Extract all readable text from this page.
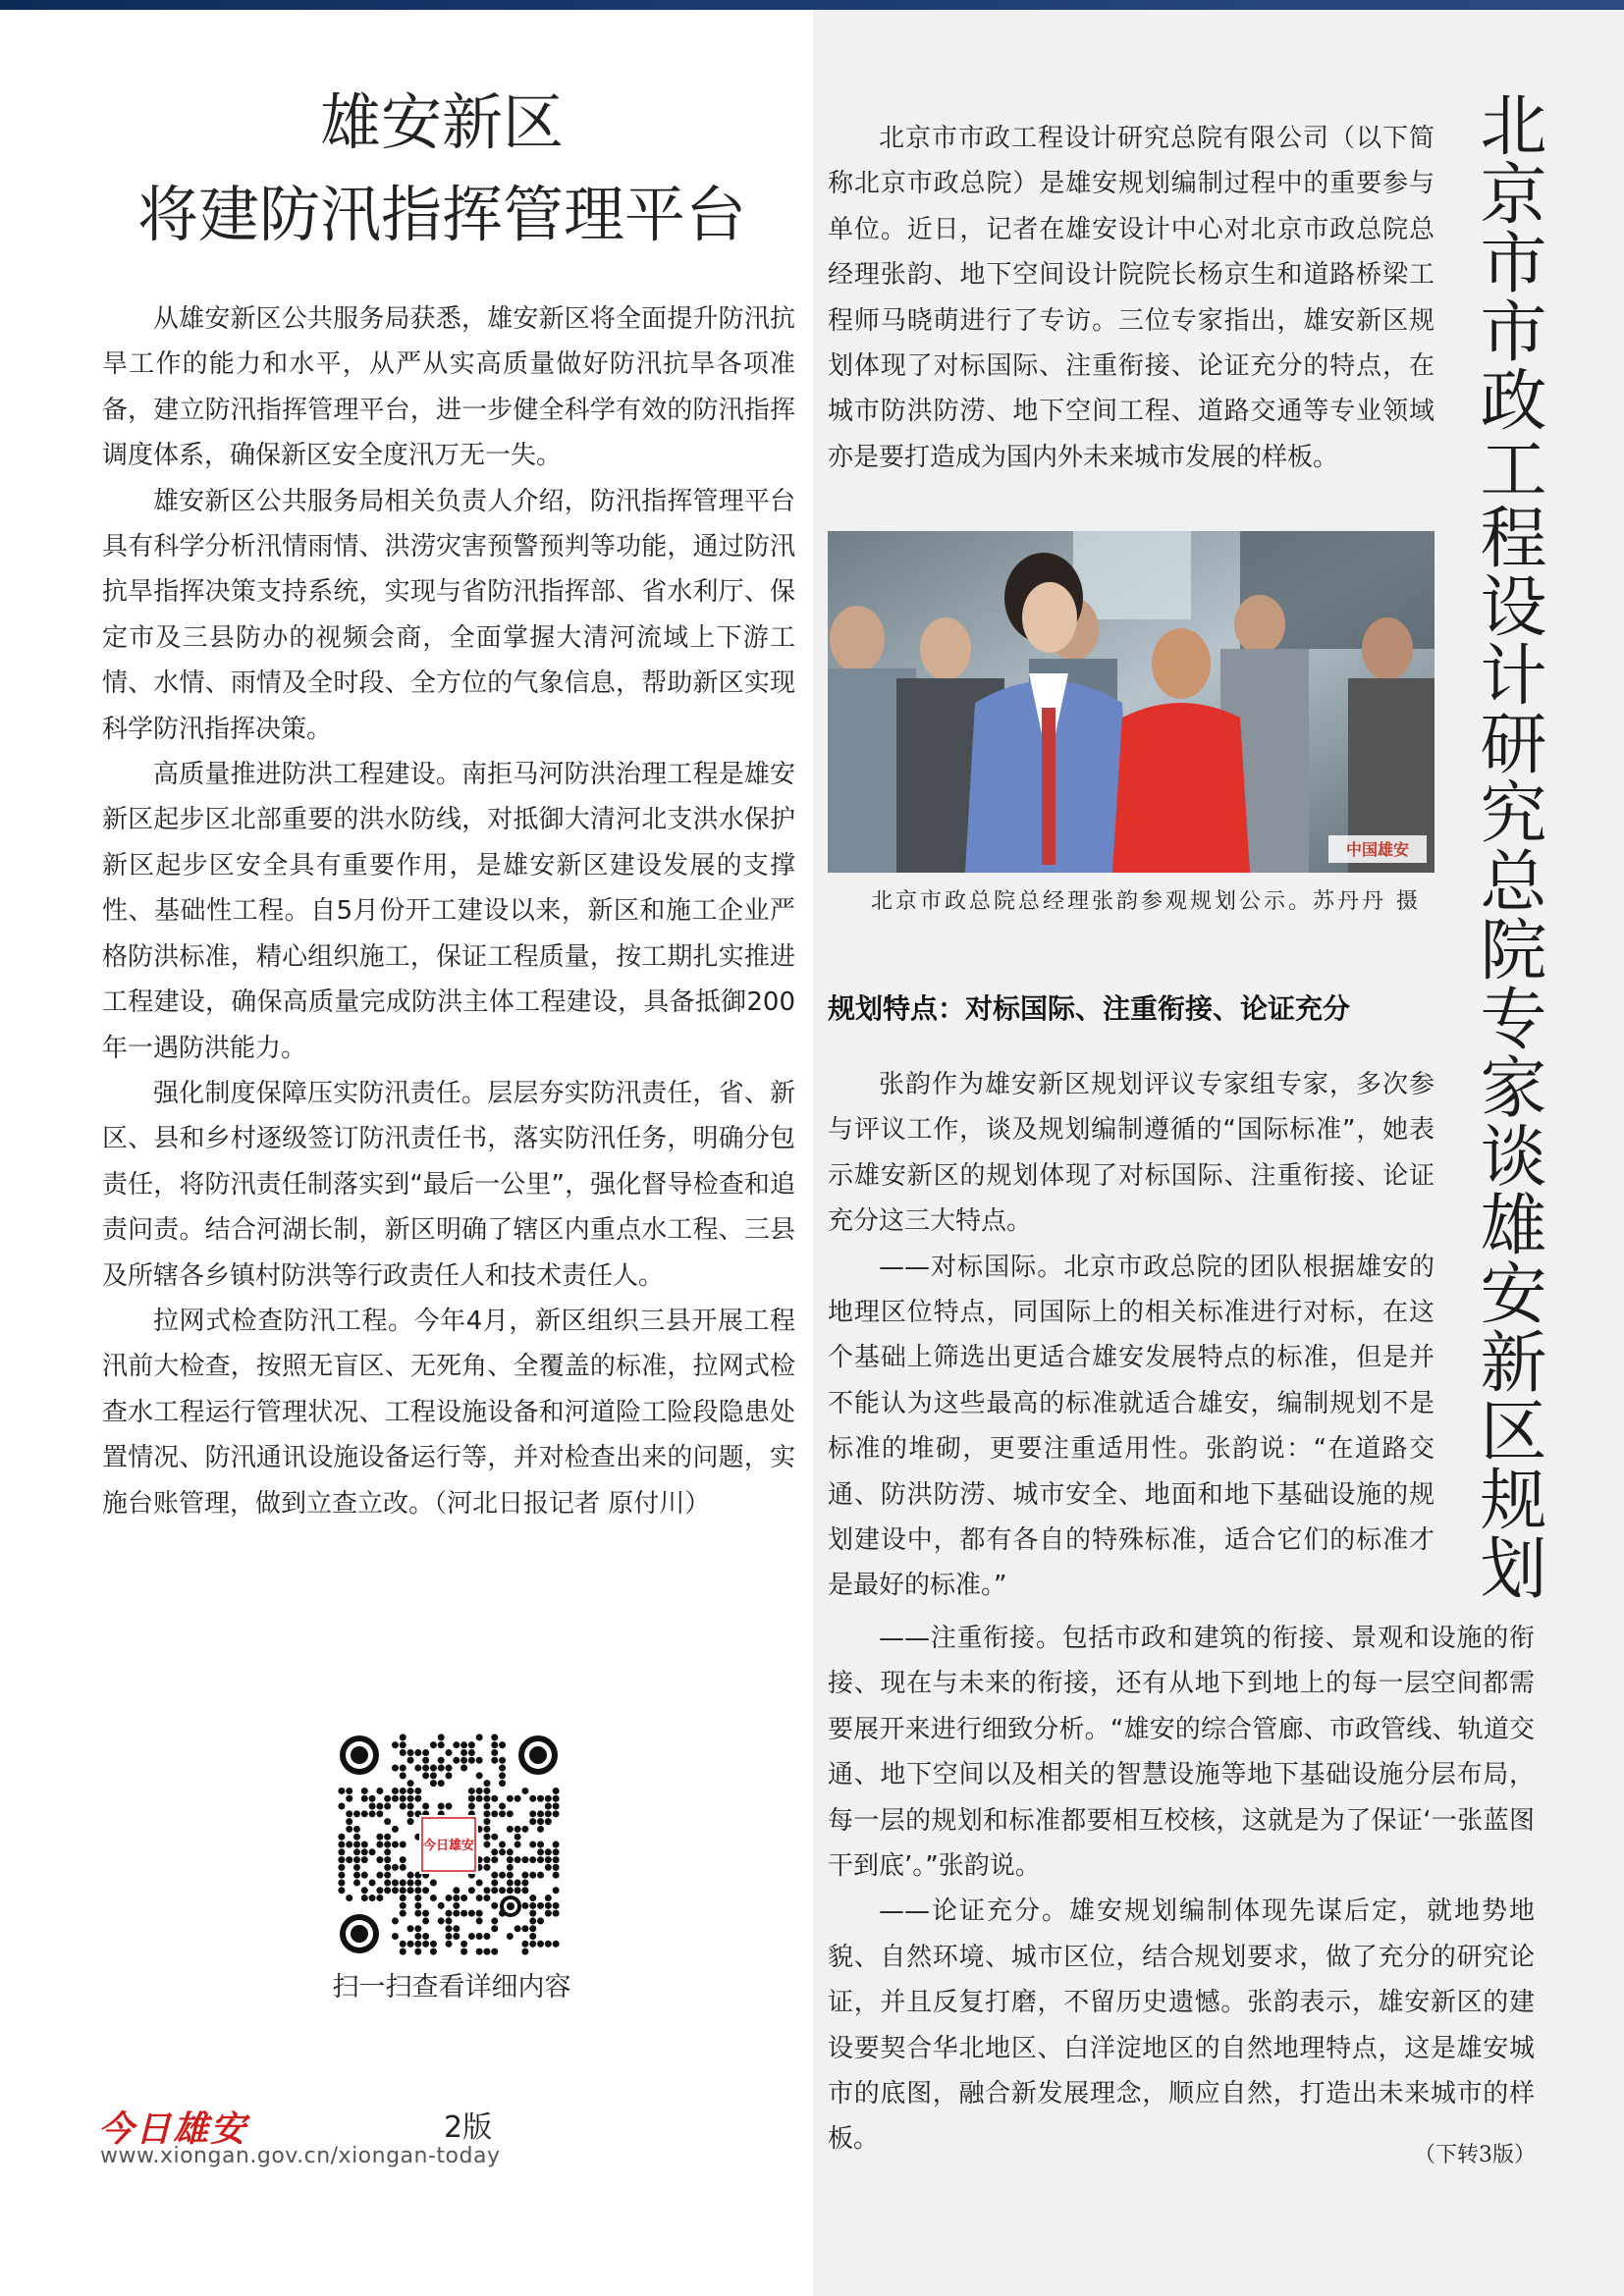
雄安新区
将建防汛指挥管理平台

从雄安新区公共服务局获悉，雄安新区将全面提升防汛抗旱工作的能力和水平，从严从实高质量做好防汛抗旱各项准备，建立防汛指挥管理平台，进一步健全科学有效的防汛指挥调度体系，确保新区安全度汛万无一失。

雄安新区公共服务局相关负责人介绍，防汛指挥管理平台具有科学分析汛情雨情、洪涝灾害预警预判等功能，通过防汛抗旱指挥决策支持系统，实现与省防汛指挥部、省水利厅、保定市及三县防办的视频会商，全面掌握大清河流域上下游工情、水情、雨情及全时段、全方位的气象信息，帮助新区实现科学防汛指挥决策。

高质量推进防洪工程建设。南拒马河防洪治理工程是雄安新区起步区北部重要的洪水防线，对抵御大清河北支洪水保护新区起步区安全具有重要作用，是雄安新区建设发展的支撑性、基础性工程。自5月份开工建设以来，新区和施工企业严格防洪标准，精心组织施工，保证工程质量，按工期扎实推进工程建设，确保高质量完成防洪主体工程建设，具备抵御200年一遇防洪能力。

强化制度保障压实防汛责任。层层夯实防汛责任，省、新区、县和乡村逐级签订防汛责任书，落实防汛任务，明确分包责任，将防汛责任制落实到“最后一公里”，强化督导检查和追责问责。结合河湖长制，新区明确了辖区内重点水工程、三县及所辖各乡镇村防洪等行政责任人和技术责任人。

拉网式检查防汛工程。今年4月，新区组织三县开展工程汛前大检查，按照无盲区、无死角、全覆盖的标准，拉网式检查水工程运行管理状况、工程设施设备和河道险工险段隐患处置情况、防汛通讯设施设备运行等，并对检查出来的问题，实施台账管理，做到立查立改。（河北日报记者 原付川）

今日雄安
扫一扫查看详细内容
今日雄安	2版
www.xiongan.gov.cn/xiongan-today

北京市市政工程设计研究总院有限公司（以下简称北京市政总院）是雄安规划编制过程中的重要参与单位。近日，记者在雄安设计中心对北京市政总院总经理张韵、地下空间设计院院长杨京生和道路桥梁工程师马晓萌进行了专访。三位专家指出，雄安新区规划体现了对标国际、注重衔接、论证充分的特点，在城市防洪防涝、地下空间工程、道路交通等专业领域亦是要打造成为国内外未来城市发展的样板。

中国雄安
北京市政总院总经理张韵参观规划公示。苏丹丹 摄
规划特点：对标国际、注重衔接、论证充分

张韵作为雄安新区规划评议专家组专家，多次参与评议工作，谈及规划编制遵循的“国际标准”，她表示雄安新区的规划体现了对标国际、注重衔接、论证充分这三大特点。

——对标国际。北京市政总院的团队根据雄安的地理区位特点，同国际上的相关标准进行对标，在这个基础上筛选出更适合雄安发展特点的标准，但是并不能认为这些最高的标准就适合雄安，编制规划不是标准的堆砌，更要注重适用性。张韵说：“在道路交通、防洪防涝、城市安全、地面和地下基础设施的规划建设中，都有各自的特殊标准，适合它们的标准才是最好的标准。”

——注重衔接。包括市政和建筑的衔接、景观和设施的衔接、现在与未来的衔接，还有从地下到地上的每一层空间都需要展开来进行细致分析。“雄安的综合管廊、市政管线、轨道交通、地下空间以及相关的智慧设施等地下基础设施分层布局，每一层的规划和标准都要相互校核，这就是为了保证‘一张蓝图干到底’。”张韵说。

——论证充分。雄安规划编制体现先谋后定，就地势地貌、自然环境、城市区位，结合规划要求，做了充分的研究论证，并且反复打磨，不留历史遗憾。张韵表示，雄安新区的建设要契合华北地区、白洋淀地区的自然地理特点，这是雄安城市的底图，融合新发展理念，顺应自然，打造出未来城市的样板。

（下转3版）
北京市市政工程设计研究总院专家谈雄安新区规划
